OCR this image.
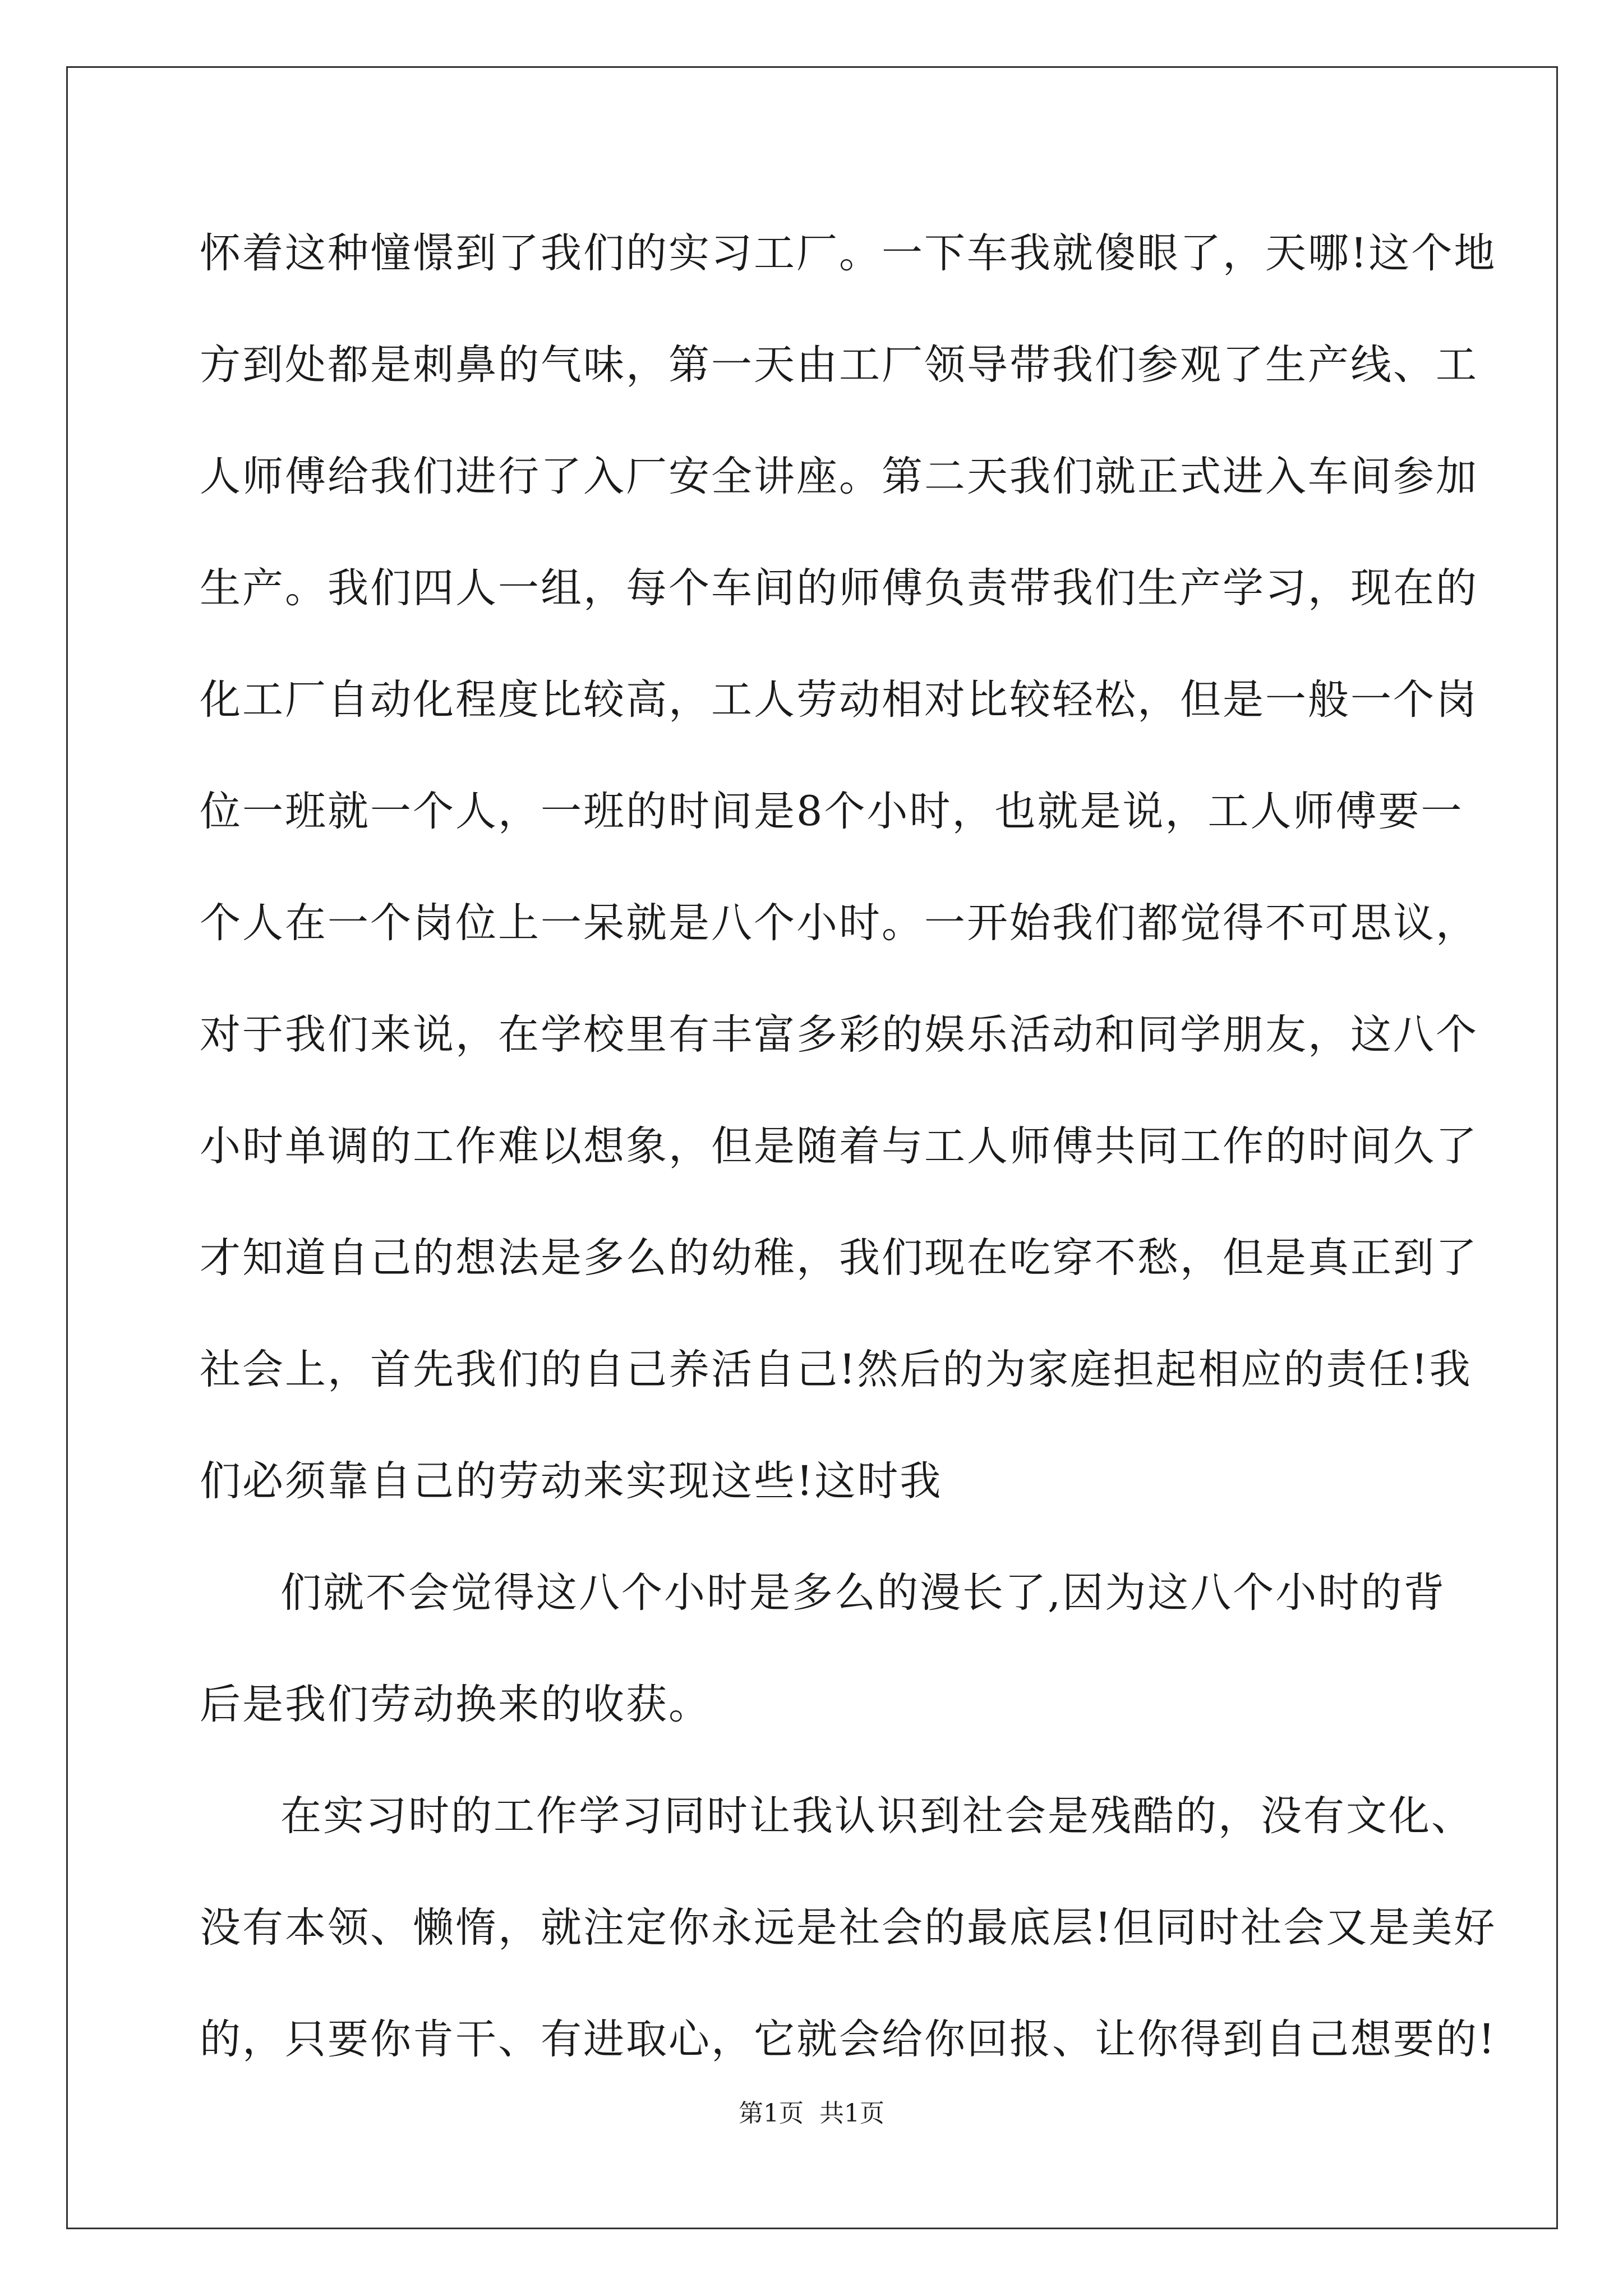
怀着这种憧憬到了我们的实习工厂。一下车我就傻眼了，天哪!这个地

方到处都是刺鼻的气味，第一天由工厂领导带我们参观了生产线、工

人师傅给我们进行了入厂安全讲座。第二天我们就正式进入车间参加

生产。我们四人一组，每个车间的师傅负责带我们生产学习，现在的

化工厂自动化程度比较高，工人劳动相对比较轻松，但是一般一个岗

位一班就一个人，一班的时间是8个小时，也就是说，工人师傅要一

个人在一个岗位上一呆就是八个小时。一开始我们都觉得不可思议，

对于我们来说，在学校里有丰富多彩的娱乐活动和同学朋友，这八个

小时单调的工作难以想象，但是随着与工人师傅共同工作的时间久了

才知道自己的想法是多么的幼稚，我们现在吃穿不愁，但是真正到了

社会上，首先我们的自己养活自己!然后的为家庭担起相应的责任!我

们必须靠自己的劳动来实现这些!这时我

们就不会觉得这八个小时是多么的漫长了,因为这八个小时的背

后是我们劳动换来的收获。

在实习时的工作学习同时让我认识到社会是残酷的，没有文化、

没有本领、懒惰，就注定你永远是社会的最底层!但同时社会又是美好

的，只要你肯干、有进取心，它就会给你回报、让你得到自己想要的!

第1页  共1页
